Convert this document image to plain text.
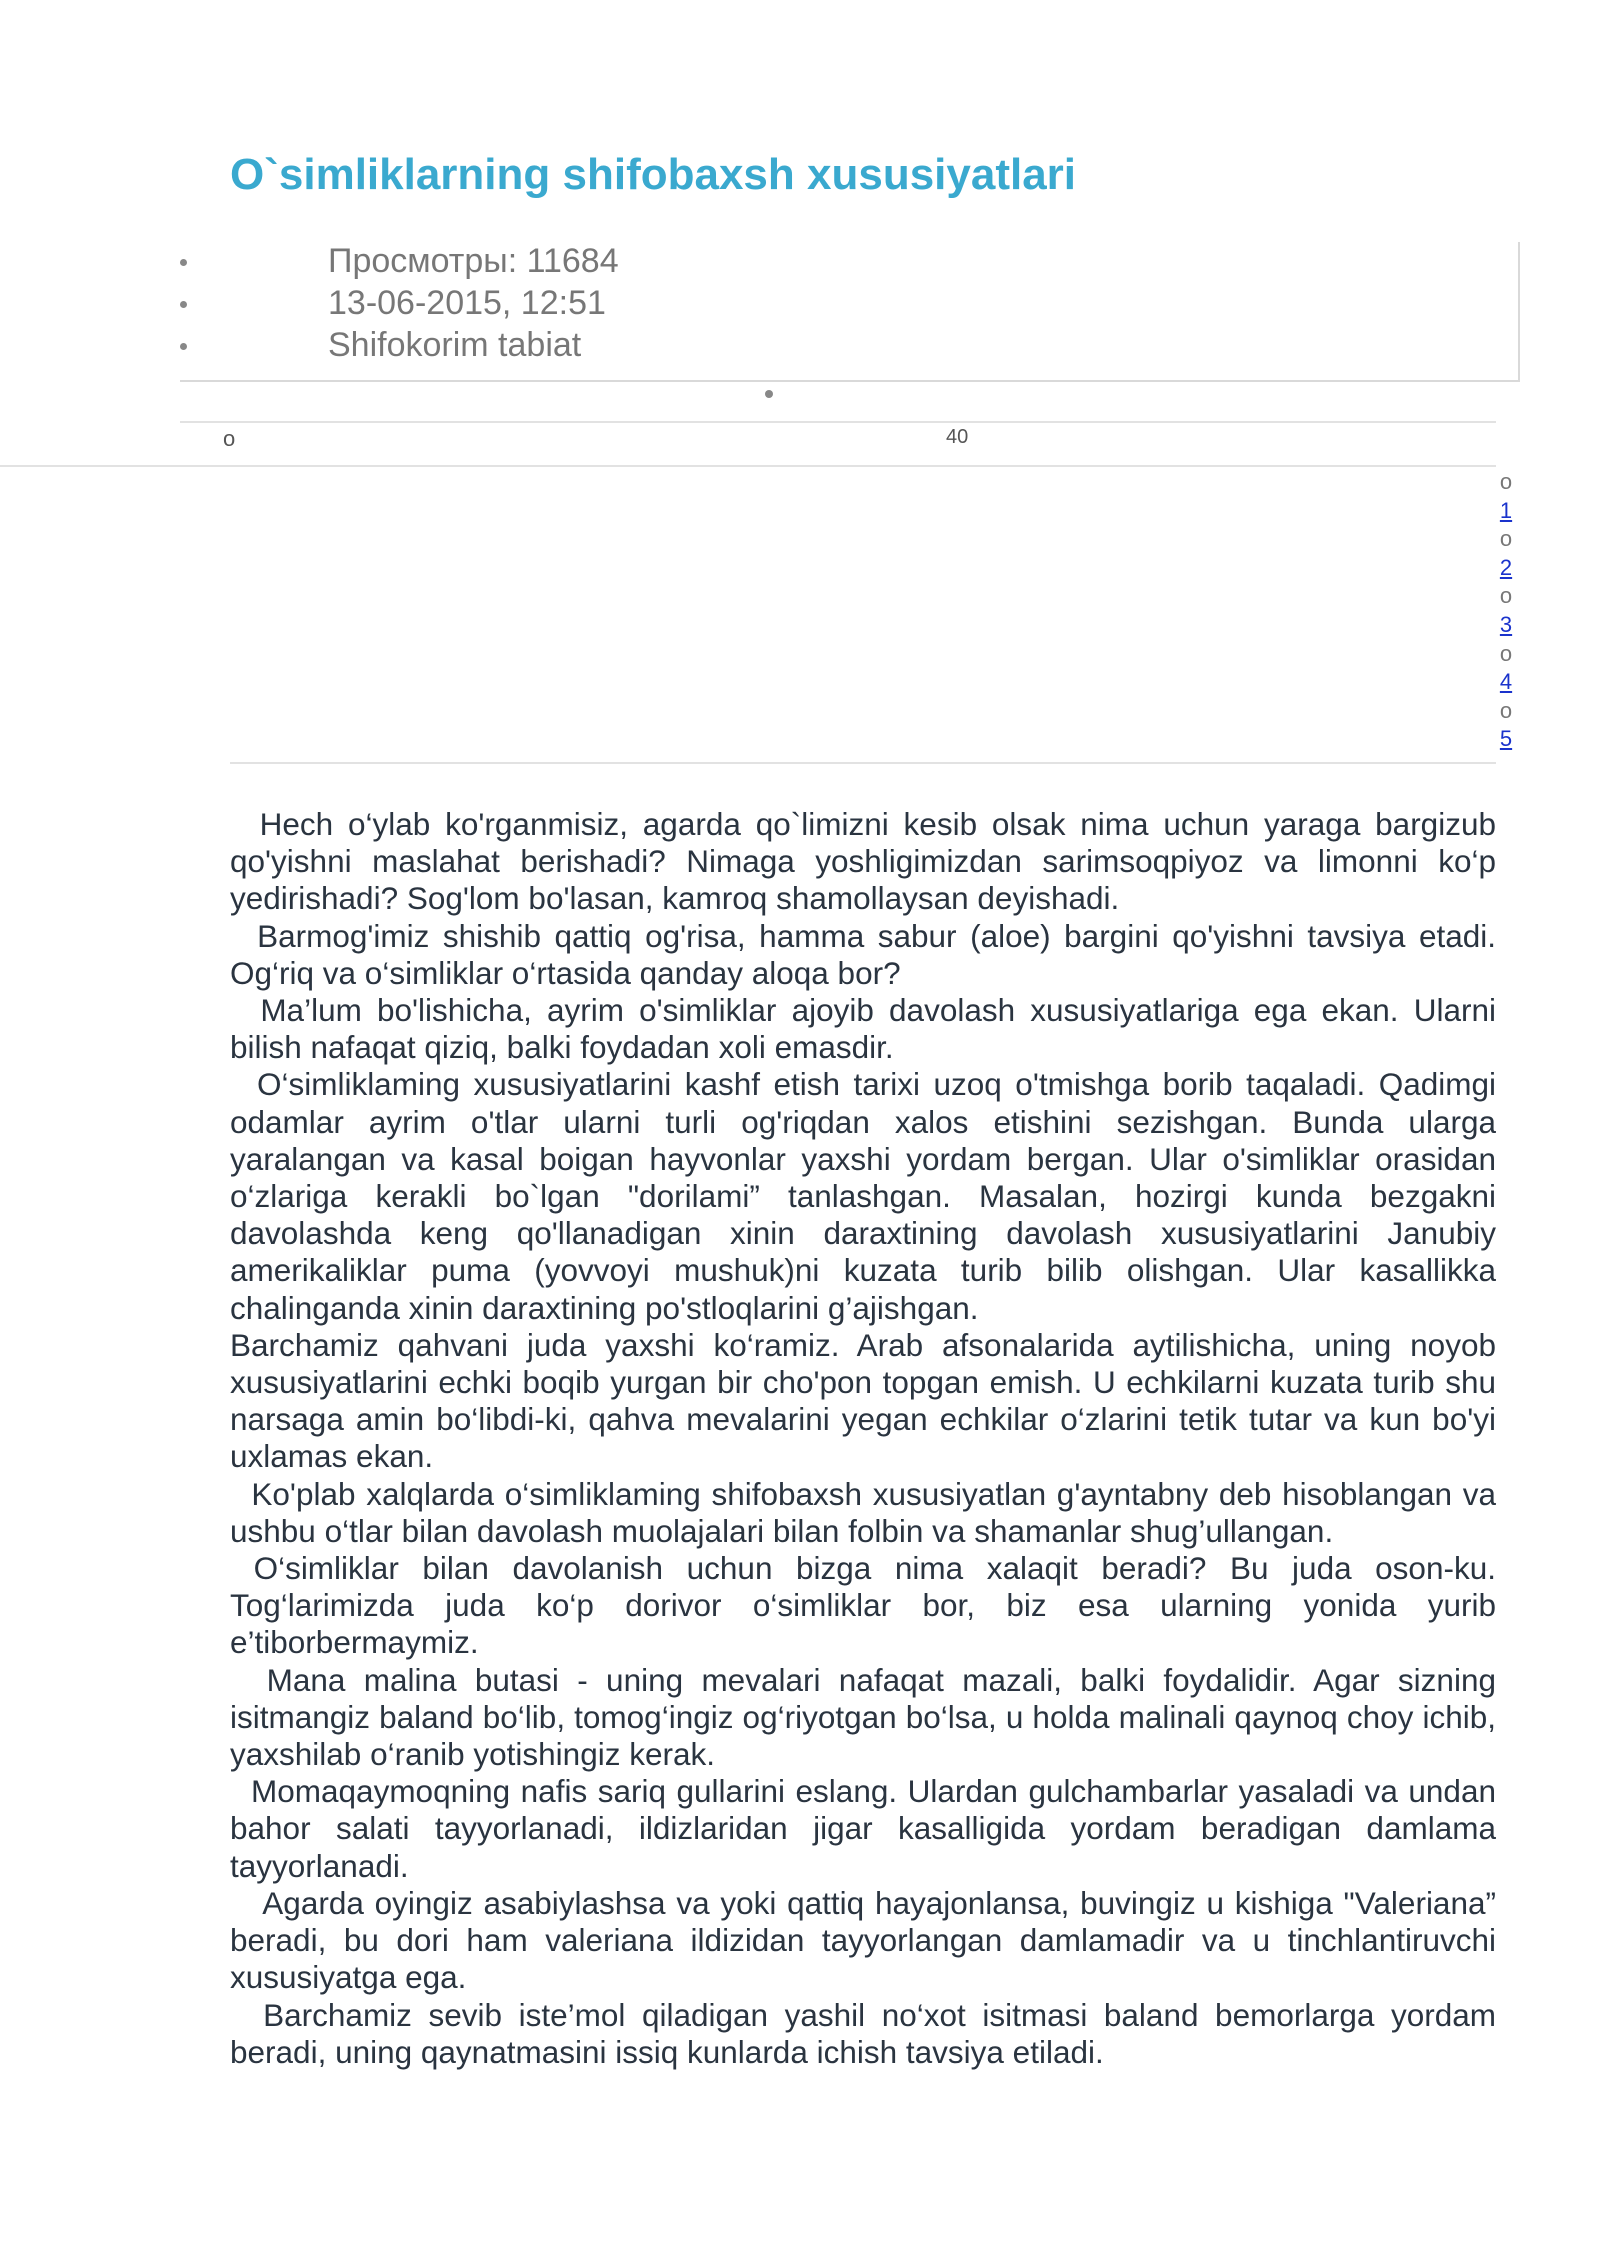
O`simliklarning shifobaxsh xususiyatlari
Просмотры: 11684
13-06-2015, 12:51
Shifokorim tabiat
o	40
o
1
o
2
o
3
o
4
o
5

Hech o‘ylab ko'rganmisiz, agarda qo`limizni kesib olsak nima uchun yaraga bargizub qo'yishni maslahat berishadi? Nimaga yoshligimizdan sarimsoqpiyoz va limonni ko‘p yedirishadi? Sog'lom bo'lasan, kamroq shamollaysan deyishadi.

Barmog'imiz shishib qattiq og'risa, hamma sabur (aloe) bargini qo'yishni tavsiya etadi. Og‘riq va o‘simliklar o‘rtasida qanday aloqa bor?

Ma’lum bo'lishicha, ayrim o'simliklar ajoyib davolash xususiyatlariga ega ekan. Ularni bilish nafaqat qiziq, balki foydadan xoli emasdir.

O‘simliklaming xususiyatlarini kashf etish tarixi uzoq o'tmishga borib taqaladi. Qadimgi odamlar ayrim o'tlar ularni turli og'riqdan xalos etishini sezishgan. Bunda ularga yaralangan va kasal boigan hayvonlar yaxshi yordam bergan. Ular o'simliklar orasidan o‘zlariga kerakli bo`lgan "dorilami” tanlashgan. Masalan, hozirgi kunda bezgakni davolashda keng qo'llanadigan xinin daraxtining davolash xususiyatlarini Janubiy amerikaliklar puma (yovvoyi mushuk)ni kuzata turib bilib olishgan. Ular kasallikka chalinganda xinin daraxtining po'stloqlarini g’ajishgan.

Barchamiz qahvani juda yaxshi ko‘ramiz. Arab afsonalarida aytilishicha, uning noyob xususiyatlarini echki boqib yurgan bir cho'pon topgan emish. U echkilarni kuzata turib shu narsaga amin bo‘libdi-ki, qahva mevalarini yegan echkilar o‘zlarini tetik tutar va kun bo'yi uxlamas ekan.

Ko'plab xalqlarda o‘simliklaming shifobaxsh xususiyatlan g'ayntabny deb hisoblangan va ushbu o‘tlar bilan davolash muolajalari bilan folbin va shamanlar shug’ullangan.

O‘simliklar bilan davolanish uchun bizga nima xalaqit beradi? Bu juda oson-ku. Tog‘larimizda juda ko‘p dorivor o‘simliklar bor, biz esa ularning yonida yurib e’tiborbermaymiz.

Mana malina butasi - uning mevalari nafaqat mazali, balki foydalidir. Agar sizning isitmangiz baland bo‘lib, tomog‘ingiz og‘riyotgan bo‘lsa, u holda malinali qaynoq choy ichib, yaxshilab o‘ranib yotishingiz kerak.

Momaqaymoqning nafis sariq gullarini eslang. Ulardan gulchambarlar yasaladi va undan bahor salati tayyorlanadi, ildizlaridan jigar kasalligida yordam beradigan damlama tayyorlanadi.

Agarda oyingiz asabiylashsa va yoki qattiq hayajonlansa, buvingiz u kishiga "Valeriana” beradi, bu dori ham valeriana ildizidan tayyorlangan damlamadir va u tinchlantiruvchi xususiyatga ega.

Barchamiz sevib iste’mol qiladigan yashil no‘xot isitmasi baland bemorlarga yordam beradi, uning qaynatmasini issiq kunlarda ichish tavsiya etiladi.
